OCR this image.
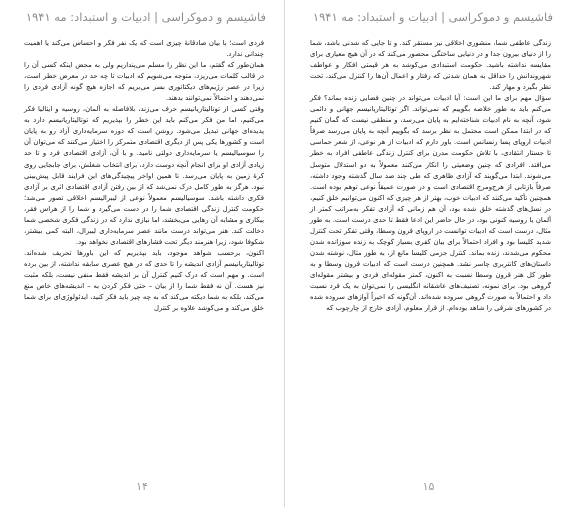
فاشیسم و دموکراسی | ادبیات و استبداد: مه ۱۹۴۱

فردی است؛ با بیان صادقانهٔ چیزی است که یک نفر فکر و احساس می‌کند یا اهمیت چندانی ندارد.

همان‌طور که گفتم، ما این نظر را مسلم می‌پنداریم ولی به محض اینکه کسی آن را در قالب کلمات می‌ریزد، متوجه می‌شویم که ادبیات تا چه حد در معرض خطر است، زیرا در عصر رژیم‌های دیکتاتوری بسر می‌بریم که اجازه هیچ گونه آزادی فردی را نمی‌دهند و احتمالاً نمی‌توانند بدهند.

وقتی کسی از توتالیتاریانیسم حرف می‌زند، بلافاصله به آلمان، روسیه و ایتالیا فکر می‌کنیم، اما من فکر می‌کنم باید این خطر را بپذیریم که توتالیتاریانیسم دارد به پدیده‌ای جهانی تبدیل می‌شود. روشن است که دوره سرمایه‌داری آزاد رو به پایان است و کشورها یکی پس از دیگری اقتصادی متمرکز را اختیار می‌کنند که می‌توان آن را سوسیالیسم یا سرمایه‌داری دولتی نامید. و با آن، آزادی اقتصادی فرد و تا حد زیادی آزادی او برای انجام آنچه دوست دارد، برای انتخاب شغلش، برای جابجایی روی کرهٔ زمین به پایان می‌رسد. تا همین اواخر پیچیدگی‌های این فرایند قابل پیش‌بینی نبود. هرگز به طور کامل درک نمی‌شد که از بین رفتن آزادی اقتصادی اثری بر آزادی فکری داشته باشد. سوسیالیسم معمولاً نوعی از لیبرالیسم اخلاقی تصور می‌شد؛ حکومت کنترل زندگی اقتصادی شما را در دست می‌گیرد و شما را از هراس فقر، بیکاری و مشابه آن رهایی می‌بخشد، اما نیازی ندارد که در زندگی فکری شخصی شما دخالت کند. هنر می‌تواند درست مانند عصر سرمایه‌داری لیبرال، البته کمی بیشتر، شکوفا شود، زیرا هنرمند دیگر تحت فشارهای اقتصادی نخواهد بود.

اکنون، برحسب شواهد موجود، باید بپذیریم که این باورها تحریف شده‌اند. توتالیتاریانیسم آزادی اندیشه را تا حدی که در هیچ عصری سابقه نداشته، از بین برده است. و مهم است که درک کنیم کنترل آن بر اندیشه فقط منفی نیست، بلکه مثبت نیز هست. آن نه فقط شما را از بیان – حتی فکر کردن به – اندیشه‌های خاص منع می‌کند، بلکه به شما دیکته می‌کند که به چه چیز باید فکر کنید، ایدئولوژی‌ای برای شما خلق می‌کند و می‌کوشد علاوه بر کنترل

۱۴
فاشیسم و دموکراسی | ادبیات و استبداد: مه ۱۹۴۱

زندگی عاطفی شما، منشوری اخلاقی نیز مستقر کند. و تا جایی که شدنی باشد، شما را از دنیای بیرون جدا و در دنیایی ساختگی محصور می‌کند که در آن هیچ معیاری برای مقایسه نداشته باشید. حکومت استبدادی می‌کوشد به هر قیمتی افکار و عواطف شهروندانش را حداقل به همان شدتی که رفتار و اعمال آن‌ها را کنترل می‌کند، تحت نظر بگیرد و مهار کند.

سؤال مهم برای ما این است: آیا ادبیات می‌تواند در چنین فضایی زنده بماند؟ فکر می‌کنم باید به طور خلاصه بگوییم که نمی‌تواند. اگر توتالیتاریانیسم جهانی و دائمی شود، آنچه به نام ادبیات شناخته‌ایم به پایان می‌رسد، و منطقی نیست که گمان کنیم که در ابتدا ممکن است محتمل به نظر برسد که بگوییم آنچه به پایان می‌رسد صرفاً ادبیات اروپای پسا رنسانس است. باور دارم که ادبیات از هر نوعی، از شعر حماسی تا جستار انتقادی، با تلاش حکومت مدرن برای کنترل زندگی عاطفی افراد به خطر می‌افتد. افرادی که چنین وضعیتی را انکار می‌کنند معمولاً به دو استدلال متوسل می‌شوند. ابتدا می‌گویند که آزادی ظاهری که طی چند صد سال گذشته وجود داشته، صرفاً بازتابی از هرج‌ومرج اقتصادی است و در صورت عمیقاً نوعی توهم بوده است. همچنین تأکید می‌کنند که ادبیات خوب، بهتر از هر چیزی که اکنون می‌توانیم خلق کنیم، در نسل‌های گذشته خلق شده بود، آن هم زمانی که آزادی تفکر به‌مراتب کمتر از آلمان یا روسیه کنونی بود، در حال حاضر این ادعا فقط تا حدی درست است. به طور مثال، درست است که ادبیات توانست در اروپای قرون وسطا، وقتی تفکر تحت کنترل شدید کلیسا بود و افراد احتمالاً برای بیان کفری بسیار کوچک به زنده سوزانده شدن محکوم می‌شدند، زنده بماند. کنترل جزمی کلیسا مانع از، به طور مثال، نوشته شدن داستان‌های کانتربری چاسر نشد. همچنین درست است که ادبیات قرون وسطا و به طور کل هنر قرون وسطا نسبت به اکنون، کمتر مقوله‌ای فردی و بیشتر مقوله‌ای گروهی بود. برای نمونه، تصنیف‌های عاشقانه انگلیسی را نمی‌توان به یک فرد نسبت داد و احتمالاً به صورت گروهی سروده شده‌اند. آن‌گونه که اخیراً آوازهای سروده شده در کشورهای شرقی را شاهد بوده‌ام. از قرار معلوم، آزادی خارج از چارچوب که

۱۵
